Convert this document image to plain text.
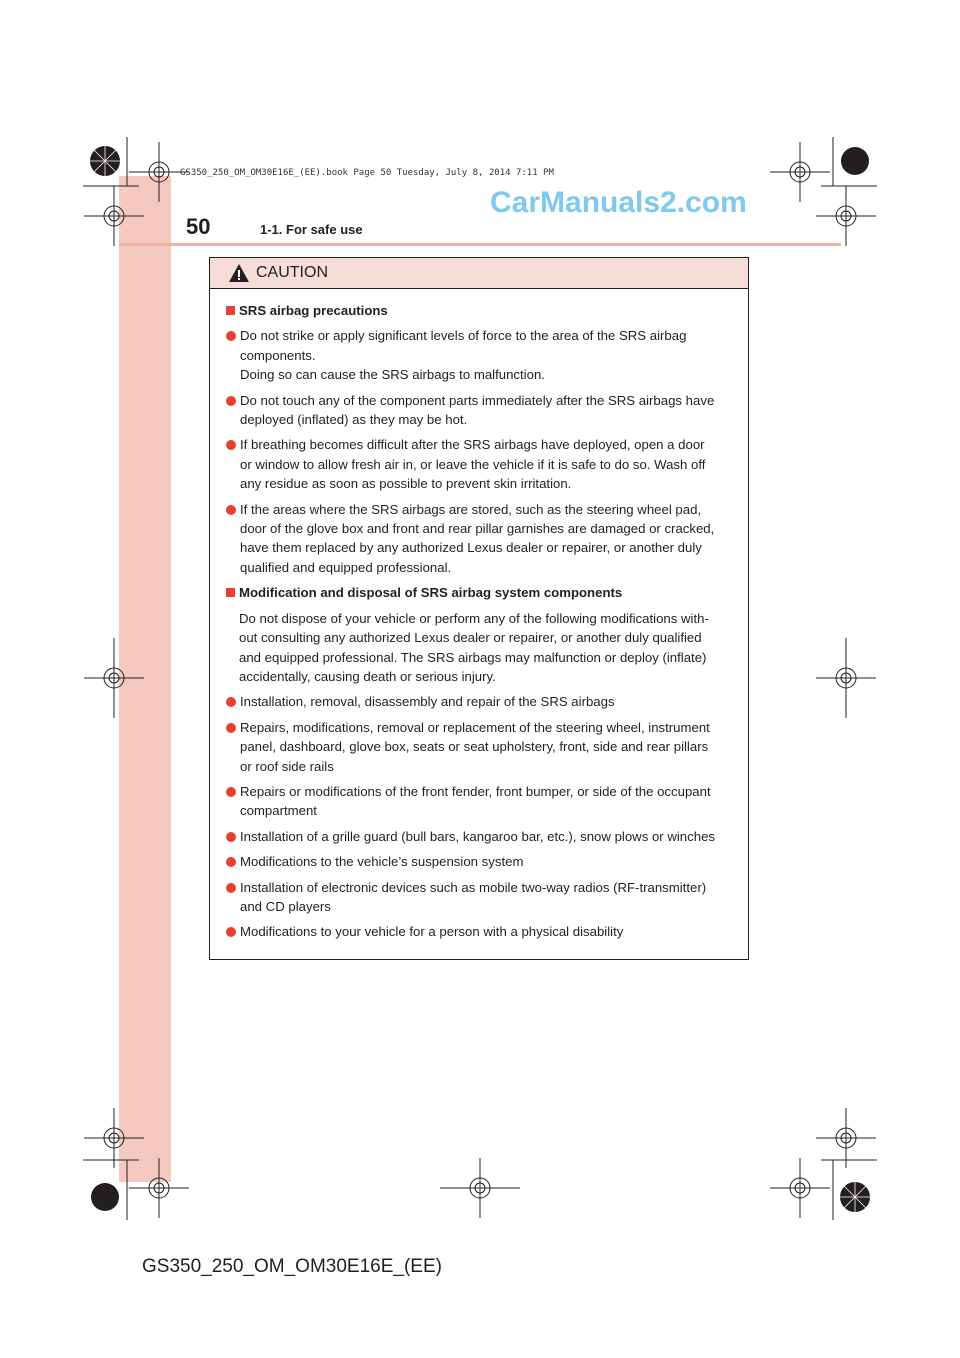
GS350_250_OM_OM30E16E_(EE).book Page 50 Tuesday, July 8, 2014 7:11 PM
CarManuals2.com
50	1-1. For safe use
CAUTION
SRS airbag precautions
Do not strike or apply significant levels of force to the area of the SRS airbag
components.
Doing so can cause the SRS airbags to malfunction.
Do not touch any of the component parts immediately after the SRS airbags have
deployed (inflated) as they may be hot.
If breathing becomes difficult after the SRS airbags have deployed, open a door
or window to allow fresh air in, or leave the vehicle if it is safe to do so. Wash off
any residue as soon as possible to prevent skin irritation.
If the areas where the SRS airbags are stored, such as the steering wheel pad,
door of the glove box and front and rear pillar garnishes are damaged or cracked,
have them replaced by any authorized Lexus dealer or repairer, or another duly
qualified and equipped professional.
Modification and disposal of SRS airbag system components
Do not dispose of your vehicle or perform any of the following modifications with-
out consulting any authorized Lexus dealer or repairer, or another duly qualified
and equipped professional. The SRS airbags may malfunction or deploy (inflate)
accidentally, causing death or serious injury.
Installation, removal, disassembly and repair of the SRS airbags
Repairs, modifications, removal or replacement of the steering wheel, instrument
panel, dashboard, glove box, seats or seat upholstery, front, side and rear pillars
or roof side rails
Repairs or modifications of the front fender, front bumper, or side of the occupant
compartment
Installation of a grille guard (bull bars, kangaroo bar, etc.), snow plows or winches
Modifications to the vehicle’s suspension system
Installation of electronic devices such as mobile two-way radios (RF-transmitter)
and CD players
Modifications to your vehicle for a person with a physical disability
GS350_250_OM_OM30E16E_(EE)
